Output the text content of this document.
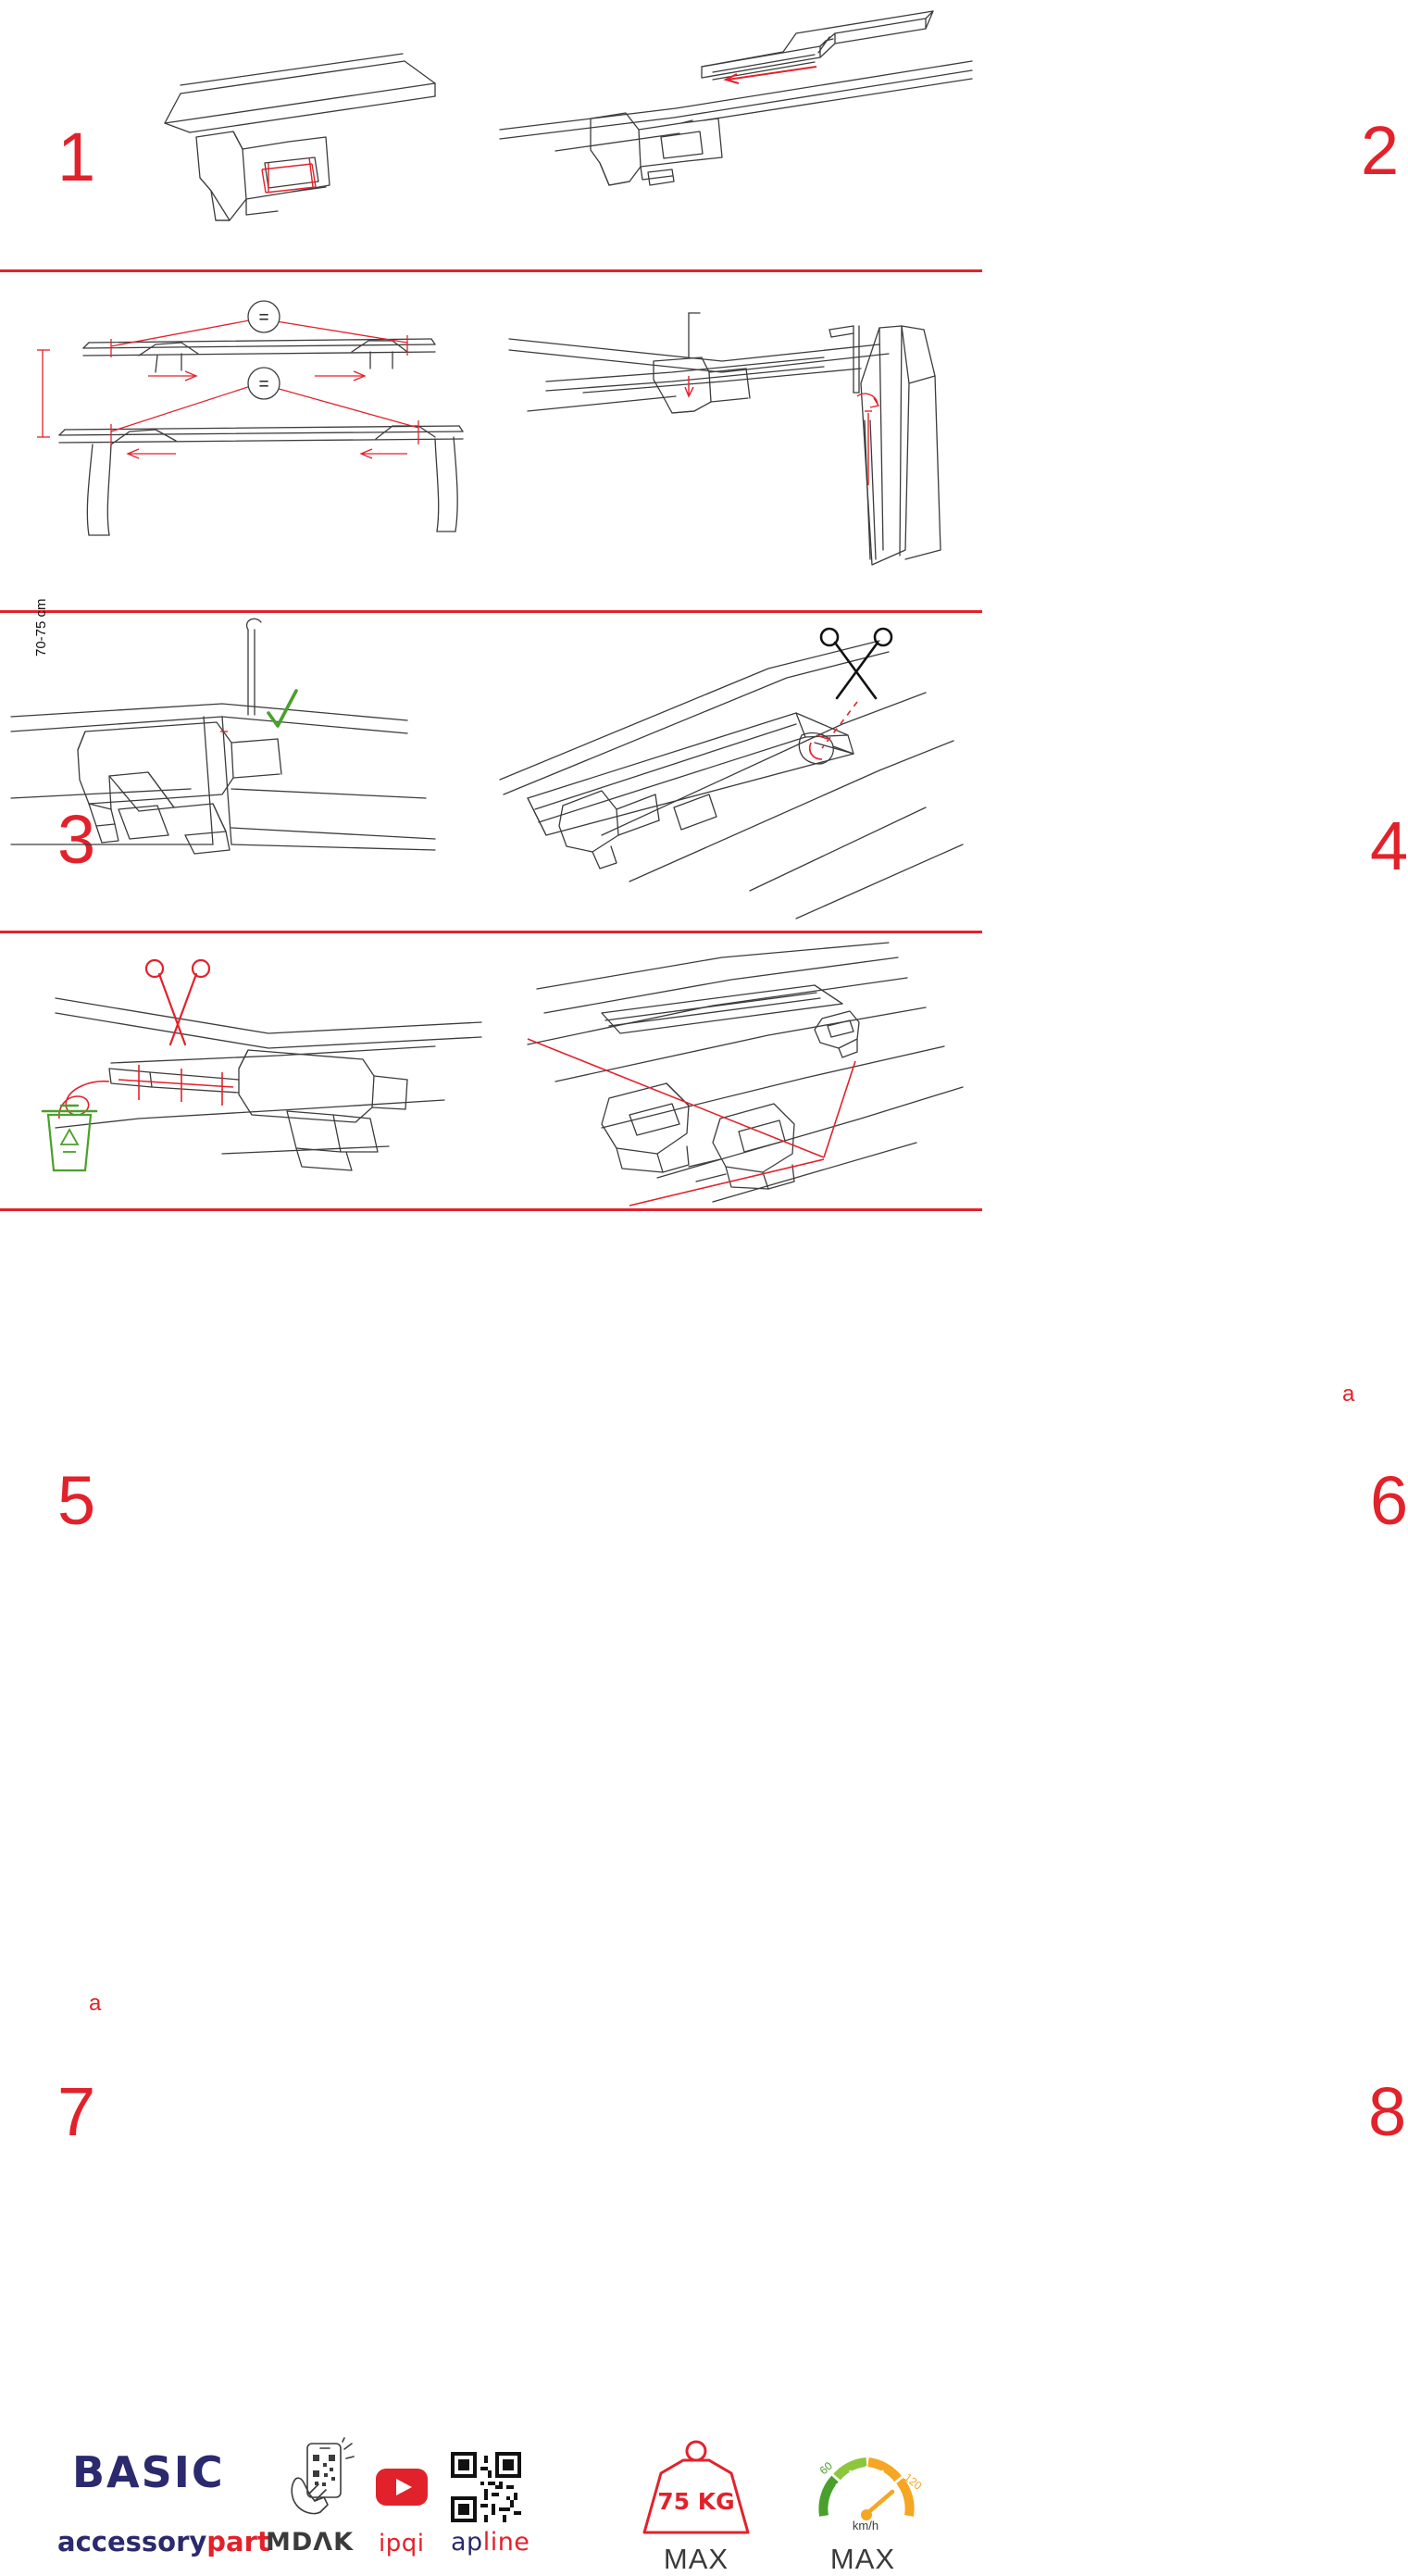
1	2
=
=
70-75 cm
3	4
5
a
6
a
7	8
BASIC
accessorypart
MDΛK ipqi apline
75 KG
MAX
60
120
km/h
MAX
